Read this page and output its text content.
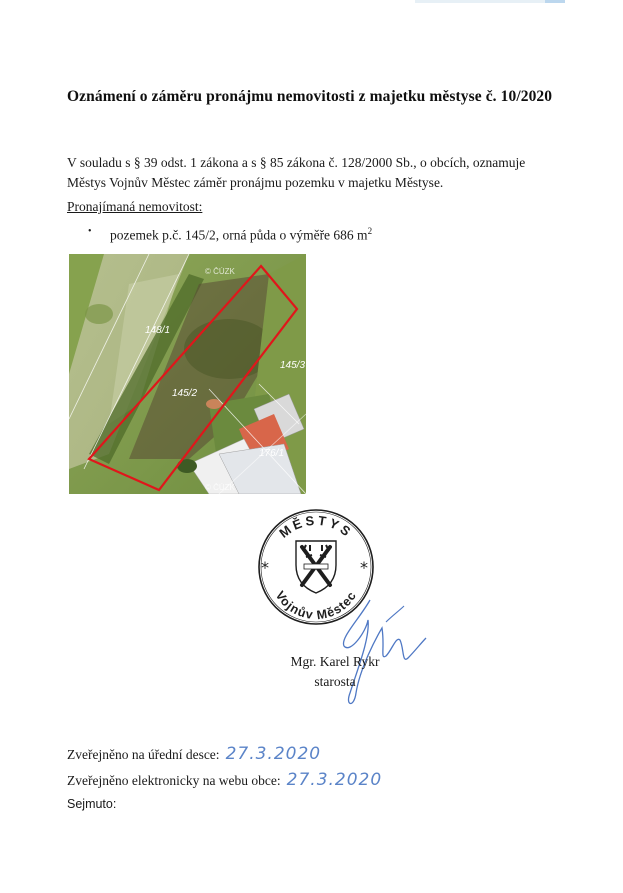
Oznámení o záměru pronájmu nemovitosti z majetku městyse č. 10/2020

V souladu s § 39 odst. 1 zákona a s § 85 zákona č. 128/2000 Sb., o obcích, oznamuje Městys Vojnův Městec záměr pronájmu pozemku v majetku Městyse.

Pronajímaná nemovitost:

• pozemek p.č. 145/2, orná půda o výměře 686 $m^2$

148/1
145/2
145/3
176/1
© ČÚZK
© ČÚZK
MĚSTYS
Vojnův Městec
*	*
Mgr. Karel Rykr
starosta

Zveřejněno na úřední desce: 27.3.2020

Zveřejněno elektronicky na webu obce: 27.3.2020

Sejmuto:
